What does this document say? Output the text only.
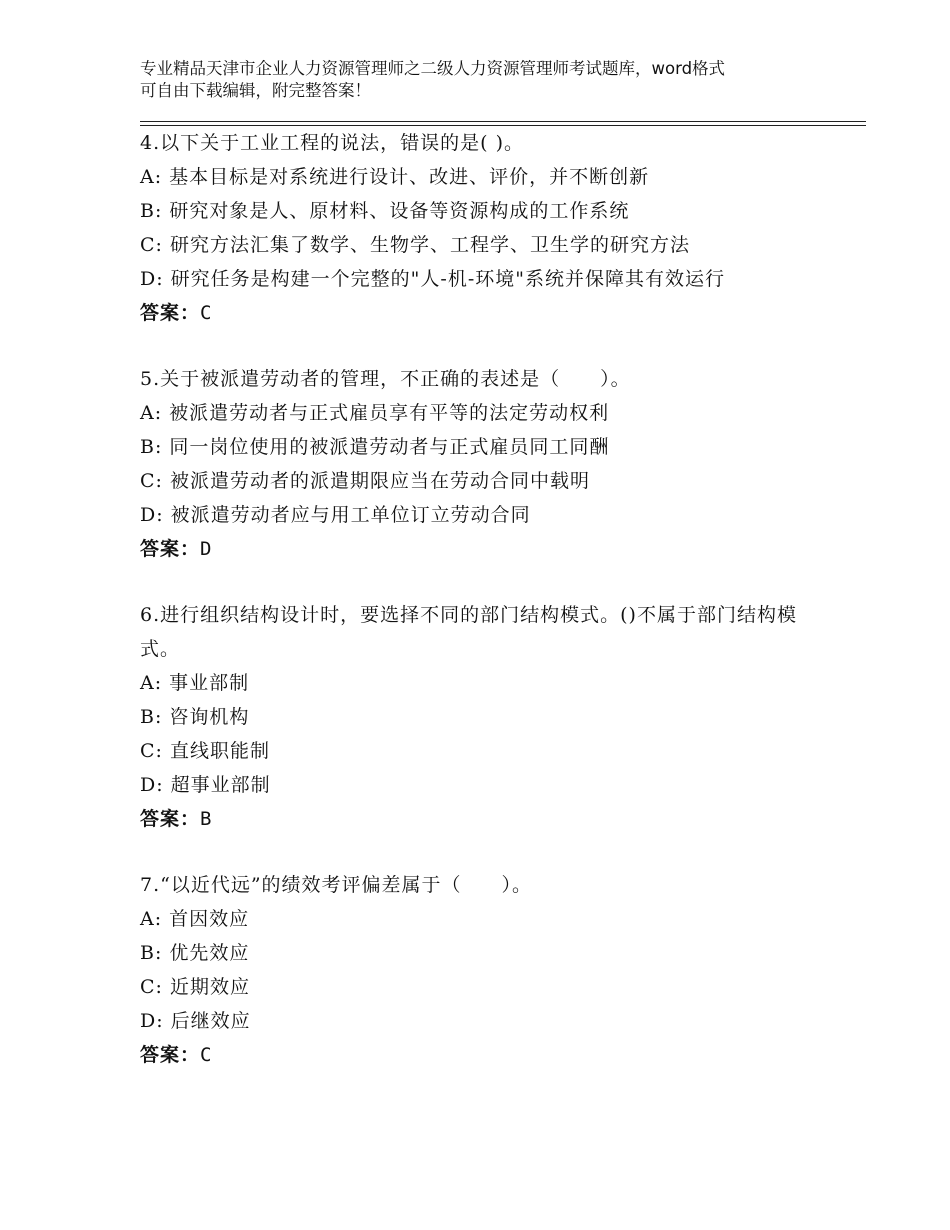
专业精品天津市企业人力资源管理师之二级人力资源管理师考试题库，word格式
可自由下载编辑，附完整答案！
4.以下关于工业工程的说法，错误的是( )。
A: 基本目标是对系统进行设计、改进、评价，并不断创新
B: 研究对象是人、原材料、设备等资源构成的工作系统
C: 研究方法汇集了数学、生物学、工程学、卫生学的研究方法
D: 研究任务是构建一个完整的"人-机-环境"系统并保障其有效运行
答案：C
5.关于被派遣劳动者的管理，不正确的表述是（　　）。
A: 被派遣劳动者与正式雇员享有平等的法定劳动权利
B: 同一岗位使用的被派遣劳动者与正式雇员同工同酬
C: 被派遣劳动者的派遣期限应当在劳动合同中载明
D: 被派遣劳动者应与用工单位订立劳动合同
答案：D
6.进行组织结构设计时，要选择不同的部门结构模式。()不属于部门结构模式。
A: 事业部制
B: 咨询机构
C: 直线职能制
D: 超事业部制
答案：B
7.“以近代远”的绩效考评偏差属于（　　）。
A: 首因效应
B: 优先效应
C: 近期效应
D: 后继效应
答案：C
